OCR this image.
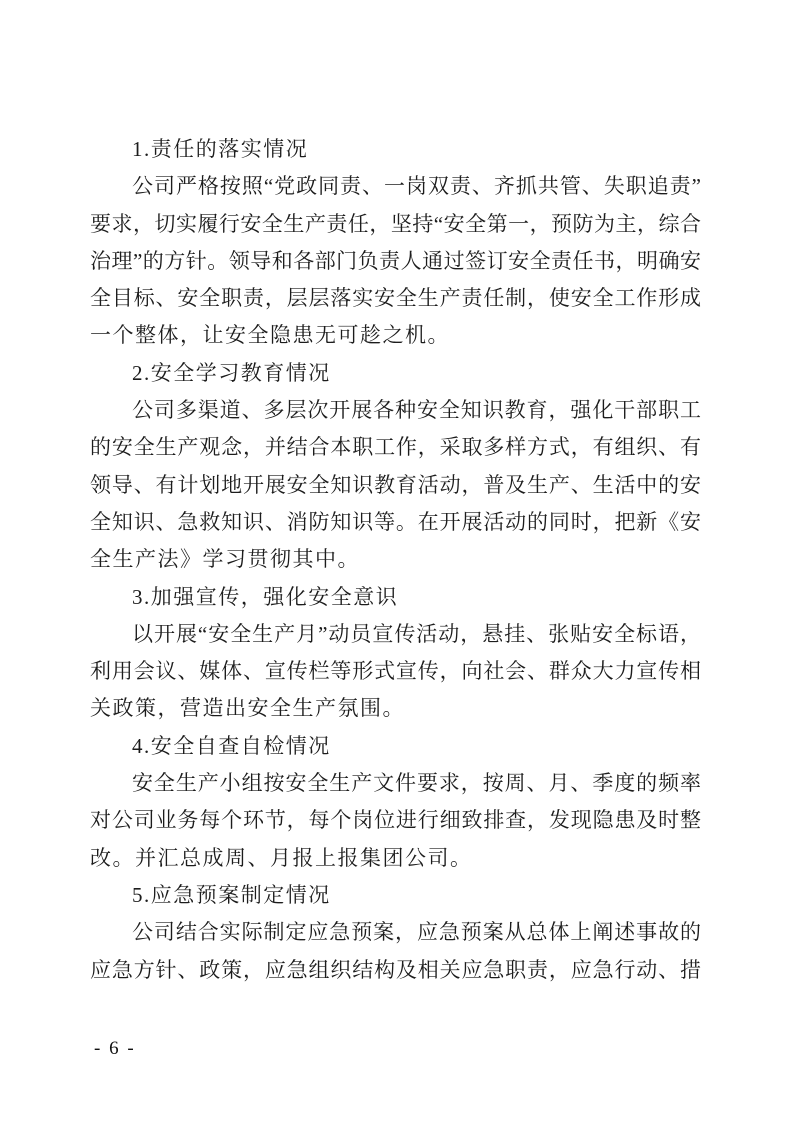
1.责任的落实情况
公司严格按照“党政同责、一岗双责、齐抓共管、失职追责”
要求，切实履行安全生产责任，坚持“安全第一，预防为主，综合
治理”的方针。领导和各部门负责人通过签订安全责任书，明确安
全目标、安全职责，层层落实安全生产责任制，使安全工作形成
一个整体，让安全隐患无可趁之机。
2.安全学习教育情况
公司多渠道、多层次开展各种安全知识教育，强化干部职工
的安全生产观念，并结合本职工作，采取多样方式，有组织、有
领导、有计划地开展安全知识教育活动，普及生产、生活中的安
全知识、急救知识、消防知识等。在开展活动的同时，把新《安
全生产法》学习贯彻其中。
3.加强宣传，强化安全意识
以开展“安全生产月”动员宣传活动，悬挂、张贴安全标语，
利用会议、媒体、宣传栏等形式宣传，向社会、群众大力宣传相
关政策，营造出安全生产氛围。
4.安全自查自检情况
安全生产小组按安全生产文件要求，按周、月、季度的频率
对公司业务每个环节，每个岗位进行细致排查，发现隐患及时整
改。并汇总成周、月报上报集团公司。
5.应急预案制定情况
公司结合实际制定应急预案，应急预案从总体上阐述事故的
应急方针、政策，应急组织结构及相关应急职责，应急行动、措
- 6 -
